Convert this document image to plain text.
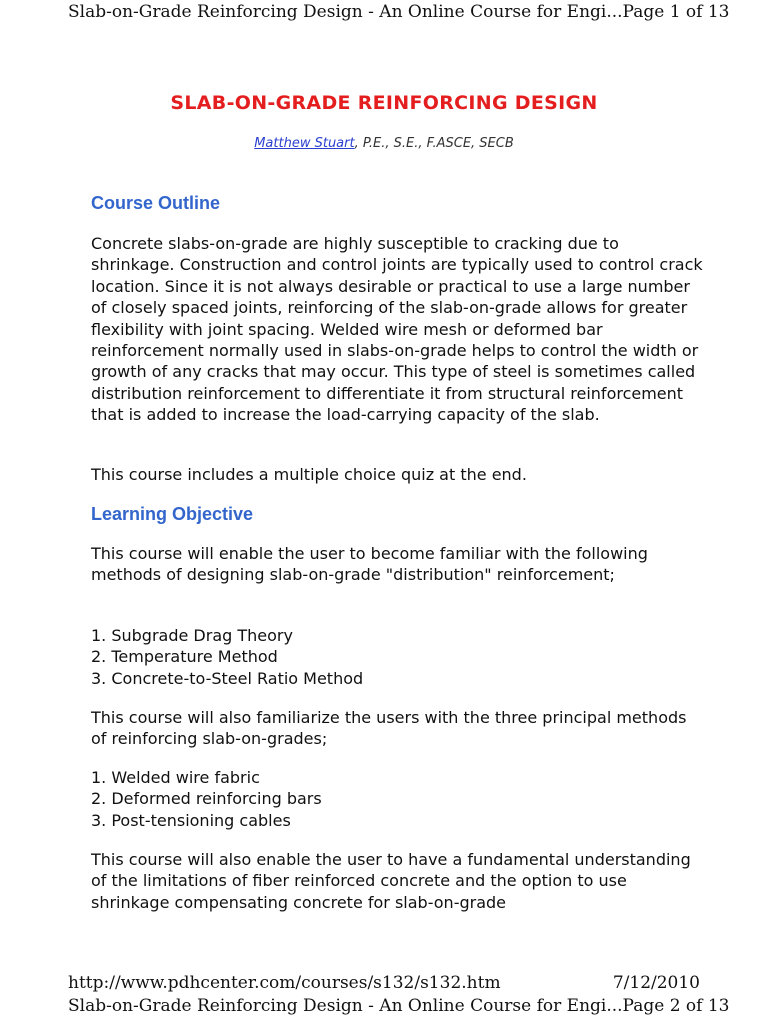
Slab-on-Grade Reinforcing Design - An Online Course for Engi... Page 1 of 13
SLAB-ON-GRADE REINFORCING DESIGN
Matthew Stuart, P.E., S.E., F.ASCE, SECB
Course Outline

Concrete slabs-on-grade are highly susceptible to cracking due to shrinkage. Construction and control joints are typically used to control crack location. Since it is not always desirable or practical to use a large number of closely spaced joints, reinforcing of the slab-on-grade allows for greater flexibility with joint spacing. Welded wire mesh or deformed bar reinforcement normally used in slabs-on-grade helps to control the width or growth of any cracks that may occur. This type of steel is sometimes called distribution reinforcement to differentiate it from structural reinforcement that is added to increase the load-carrying capacity of the slab.

This course includes a multiple choice quiz at the end.

Learning Objective

This course will enable the user to become familiar with the following methods of designing slab-on-grade "distribution" reinforcement;

1. Subgrade Drag Theory
2. Temperature Method
3. Concrete-to-Steel Ratio Method

This course will also familiarize the users with the three principal methods of reinforcing slab-on-grades;

1. Welded wire fabric
2. Deformed reinforcing bars
3. Post-tensioning cables

This course will also enable the user to have a fundamental understanding of the limitations of fiber reinforced concrete and the option to use shrinkage compensating concrete for slab-on-grade

http://www.pdhcenter.com/courses/s132/s132.htm	7/12/2010
Slab-on-Grade Reinforcing Design - An Online Course for Engi... Page 2 of 13
